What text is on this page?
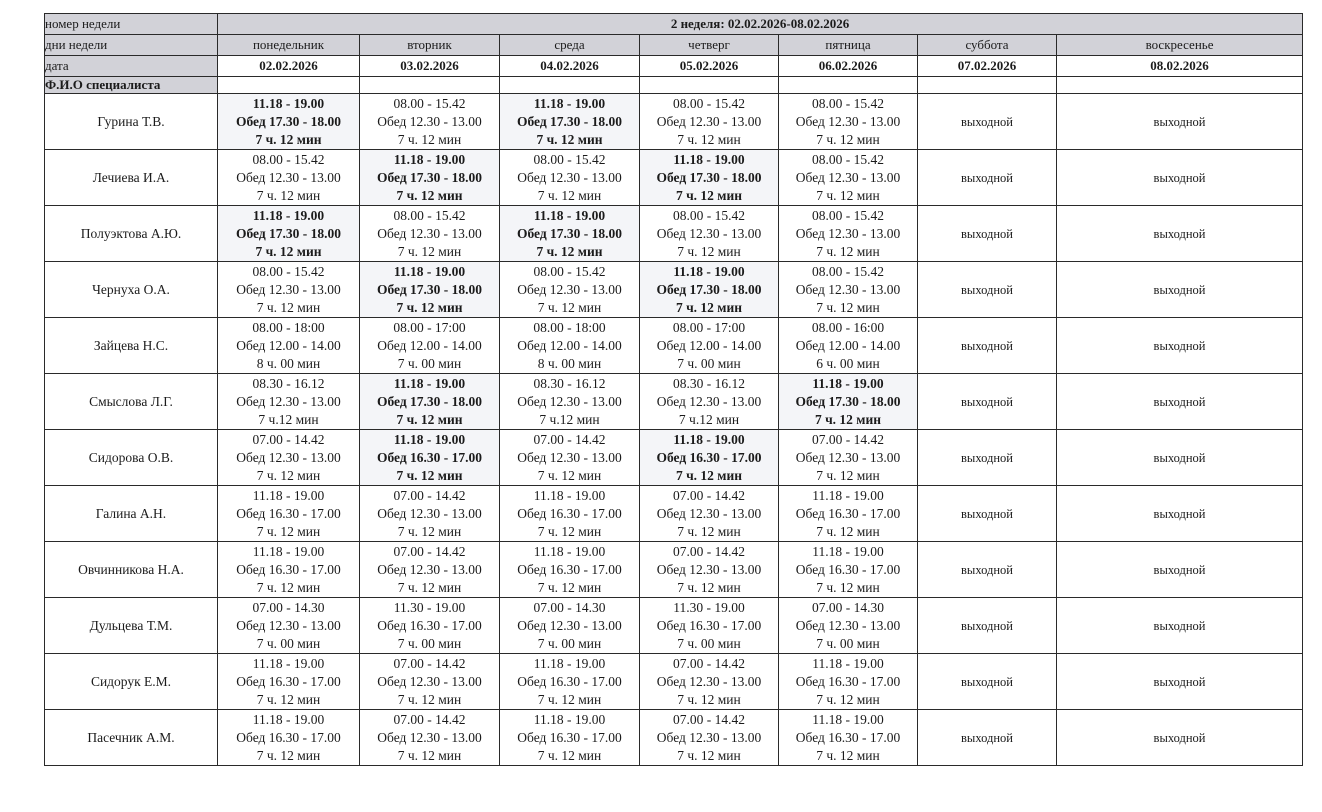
номер недели	2 неделя: 02.02.2026-08.02.2026						
дни недели	понедельник	вторник	среда	четверг	пятница	суббота	воскресенье
дата	02.02.2026	03.02.2026	04.02.2026	05.02.2026	06.02.2026	07.02.2026	08.02.2026
Ф.И.О специалиста							
Гурина Т.В.	11.18 - 19.00
Обед 17.30 - 18.00
7 ч. 12 мин	08.00 - 15.42
Обед 12.30 - 13.00
7 ч. 12 мин	11.18 - 19.00
Обед 17.30 - 18.00
7 ч. 12 мин	08.00 - 15.42
Обед 12.30 - 13.00
7 ч. 12 мин	08.00 - 15.42
Обед 12.30 - 13.00
7 ч. 12 мин	выходной	выходной
Лечиева И.А.	08.00 - 15.42
Обед 12.30 - 13.00
7 ч. 12 мин	11.18 - 19.00
Обед 17.30 - 18.00
7 ч. 12 мин	08.00 - 15.42
Обед 12.30 - 13.00
7 ч. 12 мин	11.18 - 19.00
Обед 17.30 - 18.00
7 ч. 12 мин	08.00 - 15.42
Обед 12.30 - 13.00
7 ч. 12 мин	выходной	выходной
Полуэктова А.Ю.	11.18 - 19.00
Обед 17.30 - 18.00
7 ч. 12 мин	08.00 - 15.42
Обед 12.30 - 13.00
7 ч. 12 мин	11.18 - 19.00
Обед 17.30 - 18.00
7 ч. 12 мин	08.00 - 15.42
Обед 12.30 - 13.00
7 ч. 12 мин	08.00 - 15.42
Обед 12.30 - 13.00
7 ч. 12 мин	выходной	выходной
Чернуха О.А.	08.00 - 15.42
Обед 12.30 - 13.00
7 ч. 12 мин	11.18 - 19.00
Обед 17.30 - 18.00
7 ч. 12 мин	08.00 - 15.42
Обед 12.30 - 13.00
7 ч. 12 мин	11.18 - 19.00
Обед 17.30 - 18.00
7 ч. 12 мин	08.00 - 15.42
Обед 12.30 - 13.00
7 ч. 12 мин	выходной	выходной
Зайцева Н.С.	08.00 - 18:00
Обед 12.00 - 14.00
8 ч. 00 мин	08.00 - 17:00
Обед 12.00 - 14.00
7 ч. 00 мин	08.00 - 18:00
Обед 12.00 - 14.00
8 ч. 00 мин	08.00 - 17:00
Обед 12.00 - 14.00
7 ч. 00 мин	08.00 - 16:00
Обед 12.00 - 14.00
6 ч. 00 мин	выходной	выходной
Смыслова Л.Г.	08.30 - 16.12
Обед 12.30 - 13.00
7 ч.12 мин	11.18 - 19.00
Обед 17.30 - 18.00
7 ч. 12 мин	08.30 - 16.12
Обед 12.30 - 13.00
7 ч.12 мин	08.30 - 16.12
Обед 12.30 - 13.00
7 ч.12 мин	11.18 - 19.00
Обед 17.30 - 18.00
7 ч. 12 мин	выходной	выходной
Сидорова О.В.	07.00 - 14.42
Обед 12.30 - 13.00
7 ч. 12 мин	11.18 - 19.00
Обед 16.30 - 17.00
7 ч. 12 мин	07.00 - 14.42
Обед 12.30 - 13.00
7 ч. 12 мин	11.18 - 19.00
Обед 16.30 - 17.00
7 ч. 12 мин	07.00 - 14.42
Обед 12.30 - 13.00
7 ч. 12 мин	выходной	выходной
Галина А.Н.	11.18 - 19.00
Обед 16.30 - 17.00
7 ч. 12 мин	07.00 - 14.42
Обед 12.30 - 13.00
7 ч. 12 мин	11.18 - 19.00
Обед 16.30 - 17.00
7 ч. 12 мин	07.00 - 14.42
Обед 12.30 - 13.00
7 ч. 12 мин	11.18 - 19.00
Обед 16.30 - 17.00
7 ч. 12 мин	выходной	выходной
Овчинникова Н.А.	11.18 - 19.00
Обед 16.30 - 17.00
7 ч. 12 мин	07.00 - 14.42
Обед 12.30 - 13.00
7 ч. 12 мин	11.18 - 19.00
Обед 16.30 - 17.00
7 ч. 12 мин	07.00 - 14.42
Обед 12.30 - 13.00
7 ч. 12 мин	11.18 - 19.00
Обед 16.30 - 17.00
7 ч. 12 мин	выходной	выходной
Дульцева Т.М.	07.00 - 14.30
Обед 12.30 - 13.00
7 ч. 00 мин	11.30 - 19.00
Обед 16.30 - 17.00
7 ч. 00 мин	07.00 - 14.30
Обед 12.30 - 13.00
7 ч. 00 мин	11.30 - 19.00
Обед 16.30 - 17.00
7 ч. 00 мин	07.00 - 14.30
Обед 12.30 - 13.00
7 ч. 00 мин	выходной	выходной
Сидорук Е.М.	11.18 - 19.00
Обед 16.30 - 17.00
7 ч. 12 мин	07.00 - 14.42
Обед 12.30 - 13.00
7 ч. 12 мин	11.18 - 19.00
Обед 16.30 - 17.00
7 ч. 12 мин	07.00 - 14.42
Обед 12.30 - 13.00
7 ч. 12 мин	11.18 - 19.00
Обед 16.30 - 17.00
7 ч. 12 мин	выходной	выходной
Пасечник А.М.	11.18 - 19.00
Обед 16.30 - 17.00
7 ч. 12 мин	07.00 - 14.42
Обед 12.30 - 13.00
7 ч. 12 мин	11.18 - 19.00
Обед 16.30 - 17.00
7 ч. 12 мин	07.00 - 14.42
Обед 12.30 - 13.00
7 ч. 12 мин	11.18 - 19.00
Обед 16.30 - 17.00
7 ч. 12 мин	выходной	выходной
